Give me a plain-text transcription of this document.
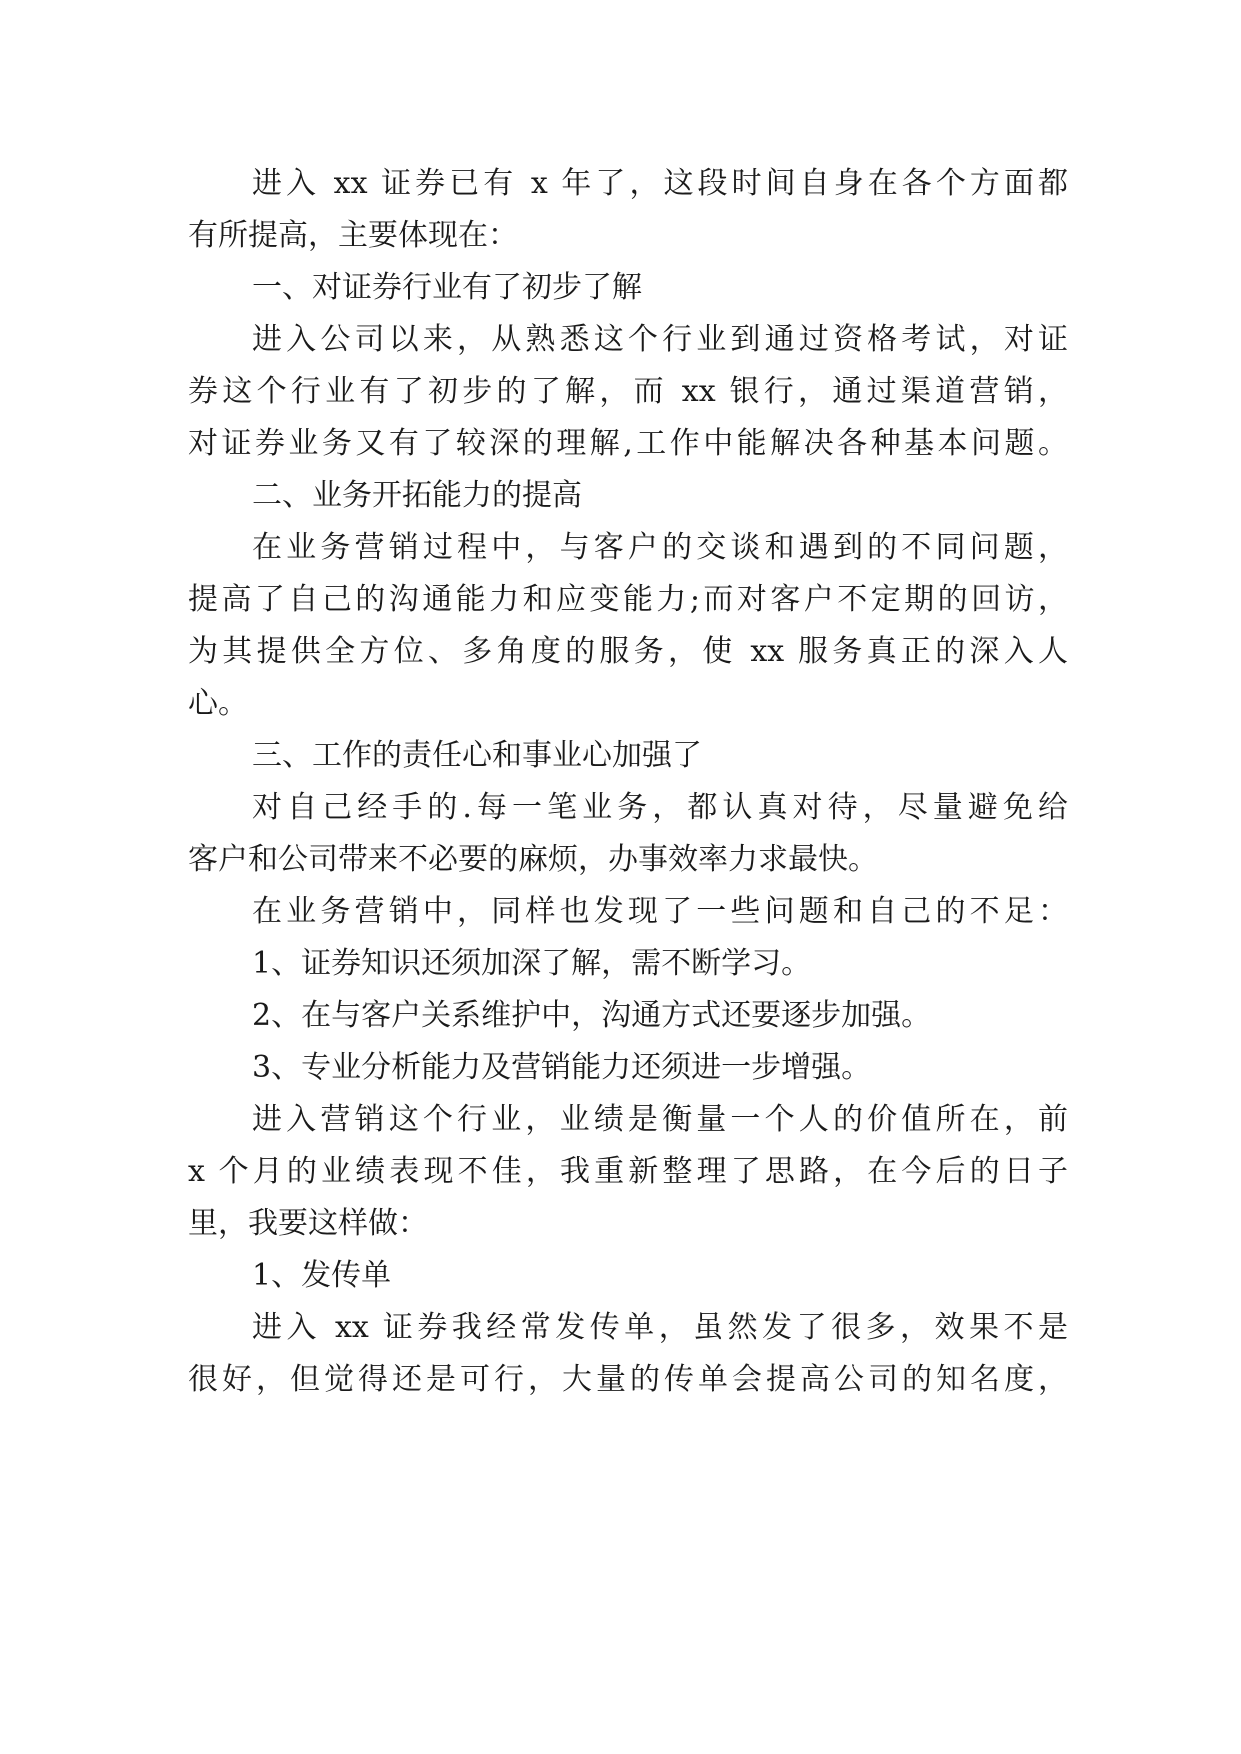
进入 xx 证券已有 x 年了，这段时间自身在各个方面都
有所提高，主要体现在：
一、对证券行业有了初步了解
进入公司以来，从熟悉这个行业到通过资格考试，对证
券这个行业有了初步的了解，而 xx 银行，通过渠道营销，
对证券业务又有了较深的理解,工作中能解决各种基本问题。
二、业务开拓能力的提高
在业务营销过程中，与客户的交谈和遇到的不同问题，
提高了自己的沟通能力和应变能力;而对客户不定期的回访，
为其提供全方位、多角度的服务，使 xx 服务真正的深入人
心。
三、工作的责任心和事业心加强了
对自己经手的.每一笔业务，都认真对待，尽量避免给
客户和公司带来不必要的麻烦，办事效率力求最快。
在业务营销中，同样也发现了一些问题和自己的不足：
1、证券知识还须加深了解，需不断学习。
2、在与客户关系维护中，沟通方式还要逐步加强。
3、专业分析能力及营销能力还须进一步增强。
进入营销这个行业，业绩是衡量一个人的价值所在，前
x 个月的业绩表现不佳，我重新整理了思路，在今后的日子
里，我要这样做：
1、发传单
进入 xx 证券我经常发传单，虽然发了很多，效果不是
很好，但觉得还是可行，大量的传单会提高公司的知名度，
